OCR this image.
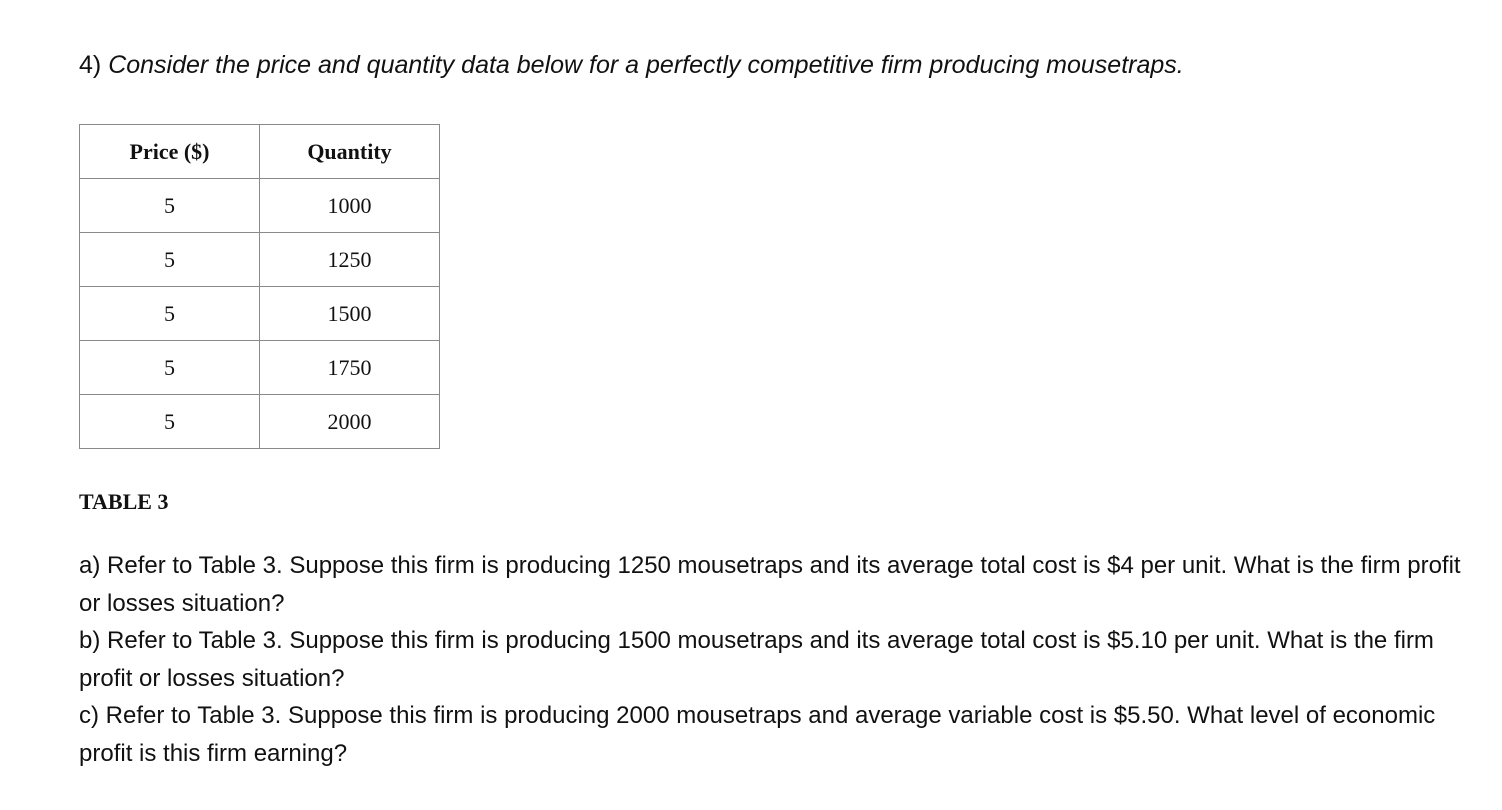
4) Consider the price and quantity data below for a perfectly competitive firm producing mousetraps.
Price ($)	Quantity
5	1000
5	1250
5	1500
5	1750
5	2000
TABLE 3

a) Refer to Table 3. Suppose this firm is producing 1250 mousetraps and its average total cost is $4 per unit. What is the firm profit or losses situation?

b) Refer to Table 3. Suppose this firm is producing 1500 mousetraps and its average total cost is $5.10 per unit. What is the firm profit or losses situation?

c) Refer to Table 3. Suppose this firm is producing 2000 mousetraps and average variable cost is $5.50. What level of economic profit is this firm earning?
